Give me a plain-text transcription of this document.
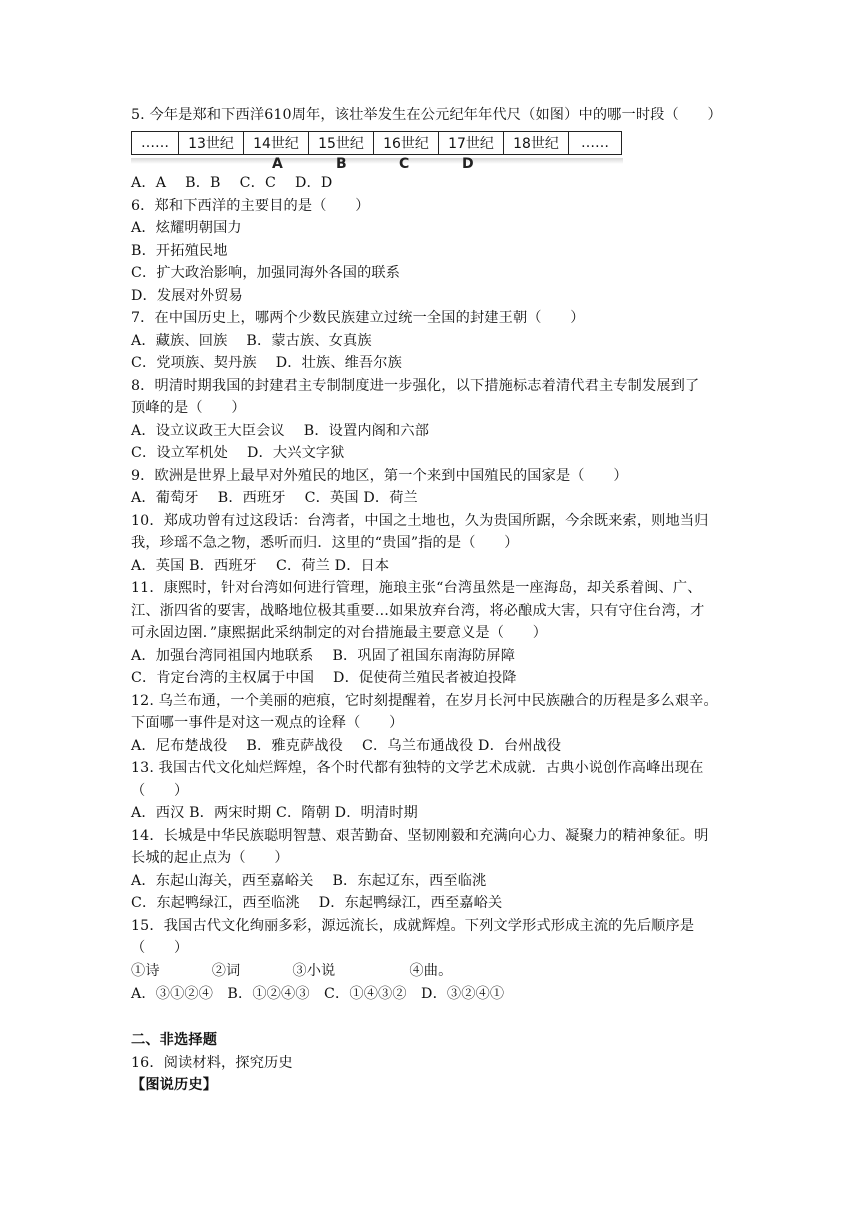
5. 今年是郑和下西洋610周年，该壮举发生在公元纪年年代尺（如图）中的哪一时段（　　）
……	13世纪	14世纪	15世纪	16世纪	17世纪	18世纪	……
A	B	C	D
A．A　 B．B　 C．C　 D．D
6．郑和下西洋的主要目的是（　　）
A．炫耀明朝国力
B．开拓殖民地
C．扩大政治影响，加强同海外各国的联系
D．发展对外贸易
7．在中国历史上，哪两个少数民族建立过统一全国的封建王朝（　　）
A．藏族、回族　 B．蒙古族、女真族
C．党项族、契丹族　 D．壮族、维吾尔族
8．明清时期我国的封建君主专制制度进一步强化，以下措施标志着清代君主专制发展到了
顶峰的是（　　）
A．设立议政王大臣会议　 B．设置内阁和六部
C．设立军机处　 D．大兴文字狱
9．欧洲是世界上最早对外殖民的地区，第一个来到中国殖民的国家是（　　）
A．葡萄牙　 B．西班牙　 C．英国 D．荷兰
10．郑成功曾有过这段话：台湾者，中国之土地也，久为贵国所踞，今余既来索，则地当归
我，珍瑶不急之物，悉听而归．这里的“贵国”指的是（　　）
A．英国 B．西班牙　 C．荷兰 D．日本
11．康熙时，针对台湾如何进行管理，施琅主张“台湾虽然是一座海岛，却关系着闽、广、
江、浙四省的要害，战略地位极其重要…如果放弃台湾，将必酿成大害，只有守住台湾，才
可永固边圉．”康熙据此采纳制定的对台措施最主要意义是（　　）
A．加强台湾同祖国内地联系　 B．巩固了祖国东南海防屏障
C．肯定台湾的主权属于中国　 D．促使荷兰殖民者被迫投降
12. 乌兰布通，一个美丽的疤痕，它时刻提醒着，在岁月长河中民族融合的历程是多么艰辛。
下面哪一事件是对这一观点的诠释（　　）
A．尼布楚战役　 B．雅克萨战役　 C．乌兰布通战役 D．台州战役
13. 我国古代文化灿烂辉煌，各个时代都有独特的文学艺术成就．古典小说创作高峰出现在
（　　）
A．西汉 B．两宋时期 C．隋朝 D．明清时期
14．长城是中华民族聪明智慧、艰苦勤奋、坚韧刚毅和充满向心力、凝聚力的精神象征。明
长城的起止点为（　　）
A．东起山海关，西至嘉峪关　 B．东起辽东，西至临洮
C．东起鸭绿江，西至临洮　 D．东起鸭绿江，西至嘉峪关
15．我国古代文化绚丽多彩，源远流长，成就辉煌。下列文学形式形成主流的先后顺序是
（　　）
①诗	②词	③小说	④曲。
A．③①②④　B．①②④③　C．①④③②　D．③②④①
二、非选择题
16．阅读材料，探究历史
【图说历史】
